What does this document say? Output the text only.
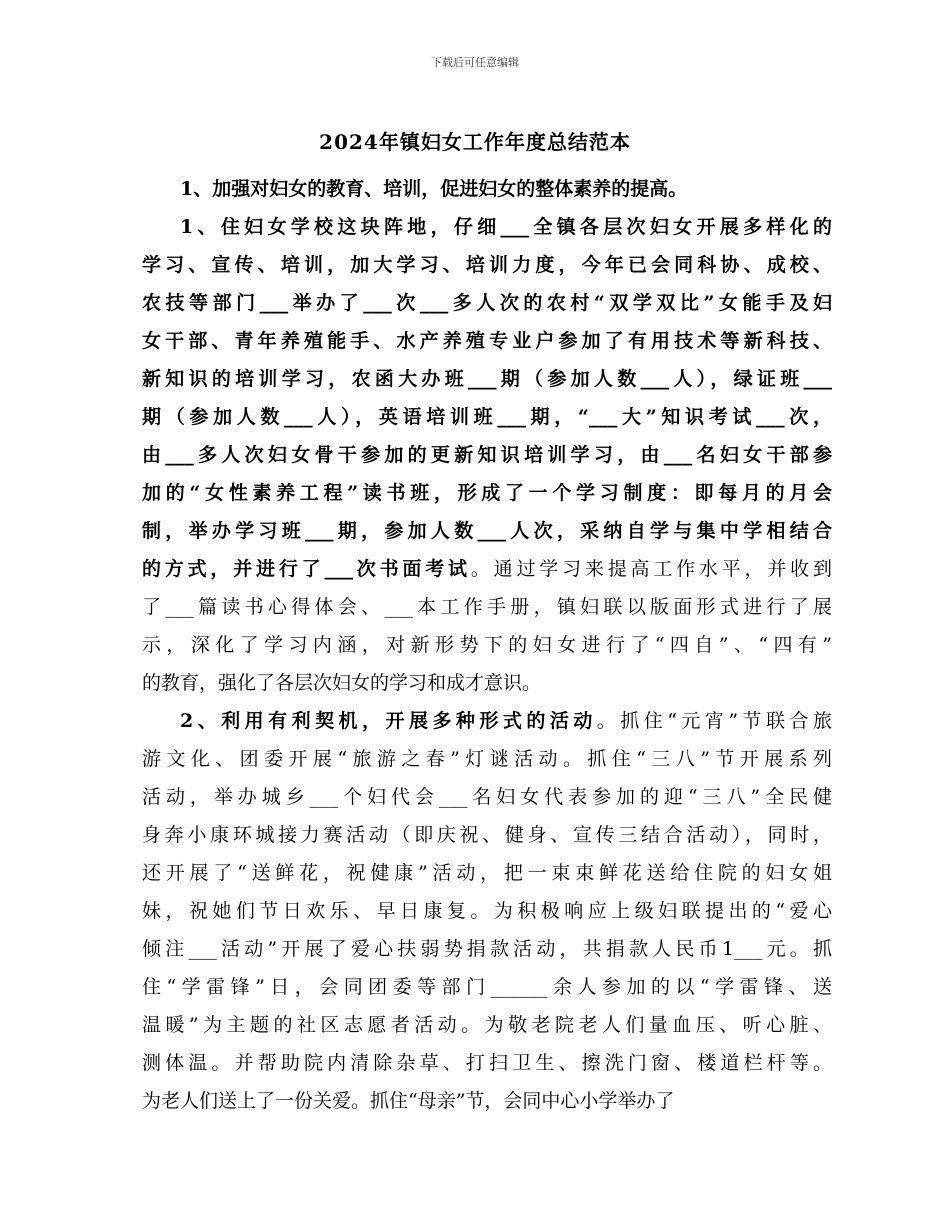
下载后可任意编辑
2024年镇妇女工作年度总结范本
1、加强对妇女的教育、培训，促进妇女的整体素养的提高。
1、住妇女学校这块阵地，仔细___全镇各层次妇女开展多样化的
学习、宣传、培训，加大学习、培训力度，今年已会同科协、成校、
农技等部门___举办了___次___多人次的农村“双学双比”女能手及妇
女干部、青年养殖能手、水产养殖专业户参加了有用技术等新科技、
新知识的培训学习，农函大办班___期（参加人数___人），绿证班___
期（参加人数___人），英语培训班___期，“___大”知识考试___次，
由___多人次妇女骨干参加的更新知识培训学习，由___名妇女干部参
加的“女性素养工程”读书班，形成了一个学习制度：即每月的月会
制，举办学习班___期，参加人数___人次，采纳自学与集中学相结合
的方式，并进行了___次书面考试。通过学习来提高工作水平，并收到
了___篇读书心得体会、___本工作手册，镇妇联以版面形式进行了展
示，深化了学习内涵，对新形势下的妇女进行了“四自”、“四有”
的教育，强化了各层次妇女的学习和成才意识。
2、利用有利契机，开展多种形式的活动。抓住“元宵”节联合旅
游文化、团委开展“旅游之春”灯谜活动。抓住“三八”节开展系列
活动，举办城乡___个妇代会___名妇女代表参加的迎“三八”全民健
身奔小康环城接力赛活动（即庆祝、健身、宣传三结合活动），同时，
还开展了“送鲜花，祝健康”活动，把一束束鲜花送给住院的妇女姐
妹，祝她们节日欢乐、早日康复。为积极响应上级妇联提出的“爱心
倾注___活动”开展了爱心扶弱势捐款活动，共捐款人民币1___元。抓
住“学雷锋”日，会同团委等部门______余人参加的以“学雷锋、送
温暖”为主题的社区志愿者活动。为敬老院老人们量血压、听心脏、
测体温。并帮助院内清除杂草、打扫卫生、擦洗门窗、楼道栏杆等。
为老人们送上了一份关爱。抓住“母亲”节，会同中心小学举办了
